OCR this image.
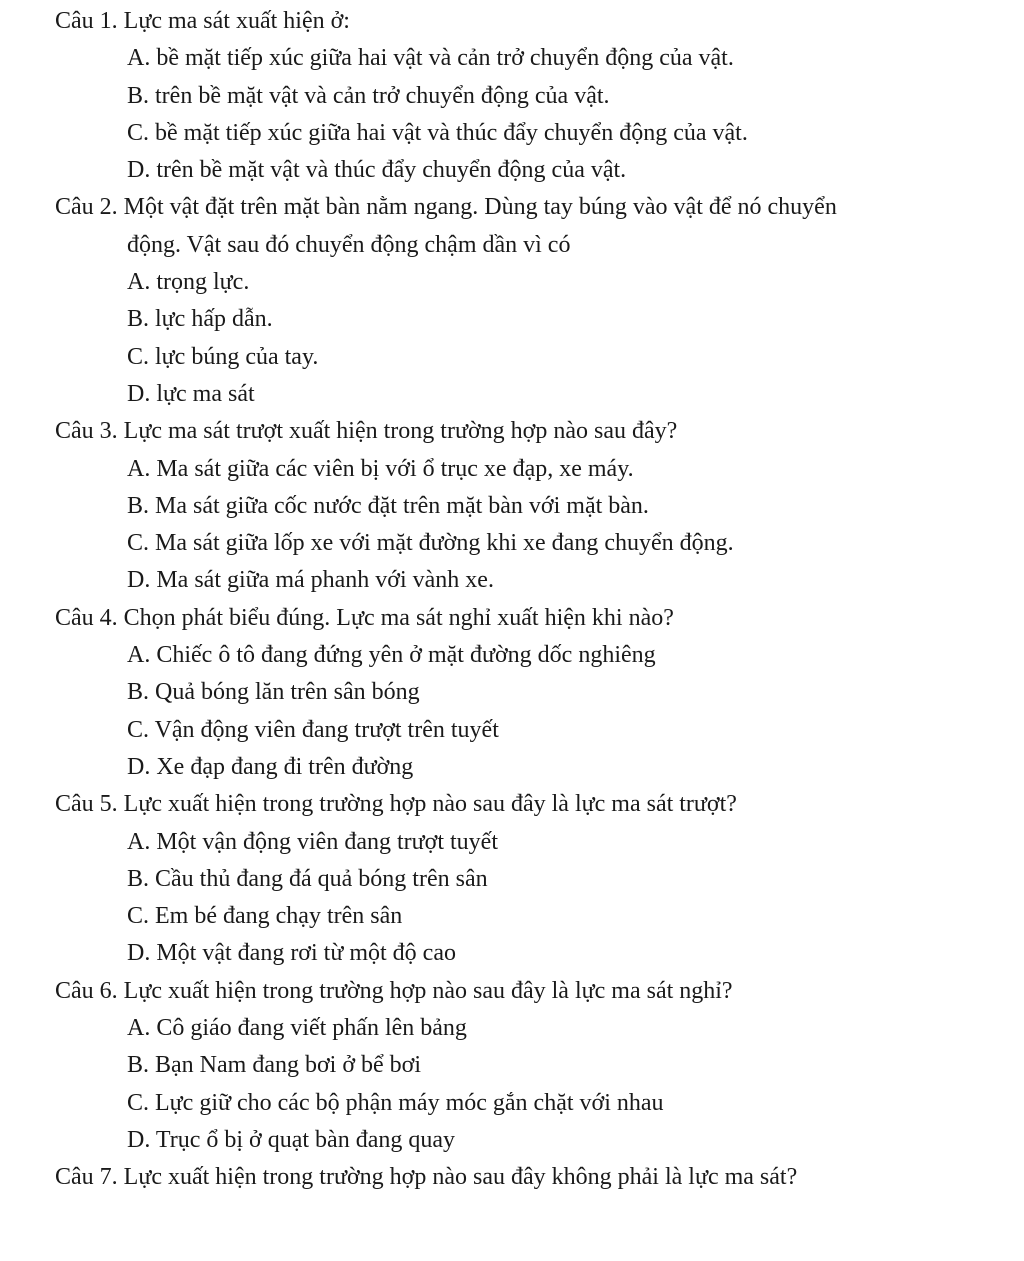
Câu 1. Lực ma sát xuất hiện ở:
A. bề mặt tiếp xúc giữa hai vật và cản trở chuyển động của vật.
B. trên bề mặt vật và cản trở chuyển động của vật.
C. bề mặt tiếp xúc giữa hai vật và thúc đẩy chuyển động của vật.
D. trên bề mặt vật và thúc đẩy chuyển động của vật.
Câu 2. Một vật đặt trên mặt bàn nằm ngang. Dùng tay búng vào vật để nó chuyển
động. Vật sau đó chuyển động chậm dần vì có
A. trọng lực.
B. lực hấp dẫn.
C. lực búng của tay.
D. lực ma sát
Câu 3. Lực ma sát trượt xuất hiện trong trường hợp nào sau đây?
A. Ma sát giữa các viên bị với ổ trục xe đạp, xe máy.
B. Ma sát giữa cốc nước đặt trên mặt bàn với mặt bàn.
C. Ma sát giữa lốp xe với mặt đường khi xe đang chuyển động.
D. Ma sát giữa má phanh với vành xe.
Câu 4. Chọn phát biểu đúng. Lực ma sát nghỉ xuất hiện khi nào?
A. Chiếc ô tô đang đứng yên ở mặt đường dốc nghiêng
B. Quả bóng lăn trên sân bóng
C. Vận động viên đang trượt trên tuyết
D. Xe đạp đang đi trên đường
Câu 5. Lực xuất hiện trong trường hợp nào sau đây là lực ma sát trượt?
A. Một vận động viên đang trượt tuyết
B. Cầu thủ đang đá quả bóng trên sân
C. Em bé đang chạy trên sân
D. Một vật đang rơi từ một độ cao
Câu 6. Lực xuất hiện trong trường hợp nào sau đây là lực ma sát nghỉ?
A. Cô giáo đang viết phấn lên bảng
B. Bạn Nam đang bơi ở bể bơi
C. Lực giữ cho các bộ phận máy móc gắn chặt với nhau
D. Trục ổ bị ở quạt bàn đang quay
Câu 7. Lực xuất hiện trong trường hợp nào sau đây không phải là lực ma sát?
